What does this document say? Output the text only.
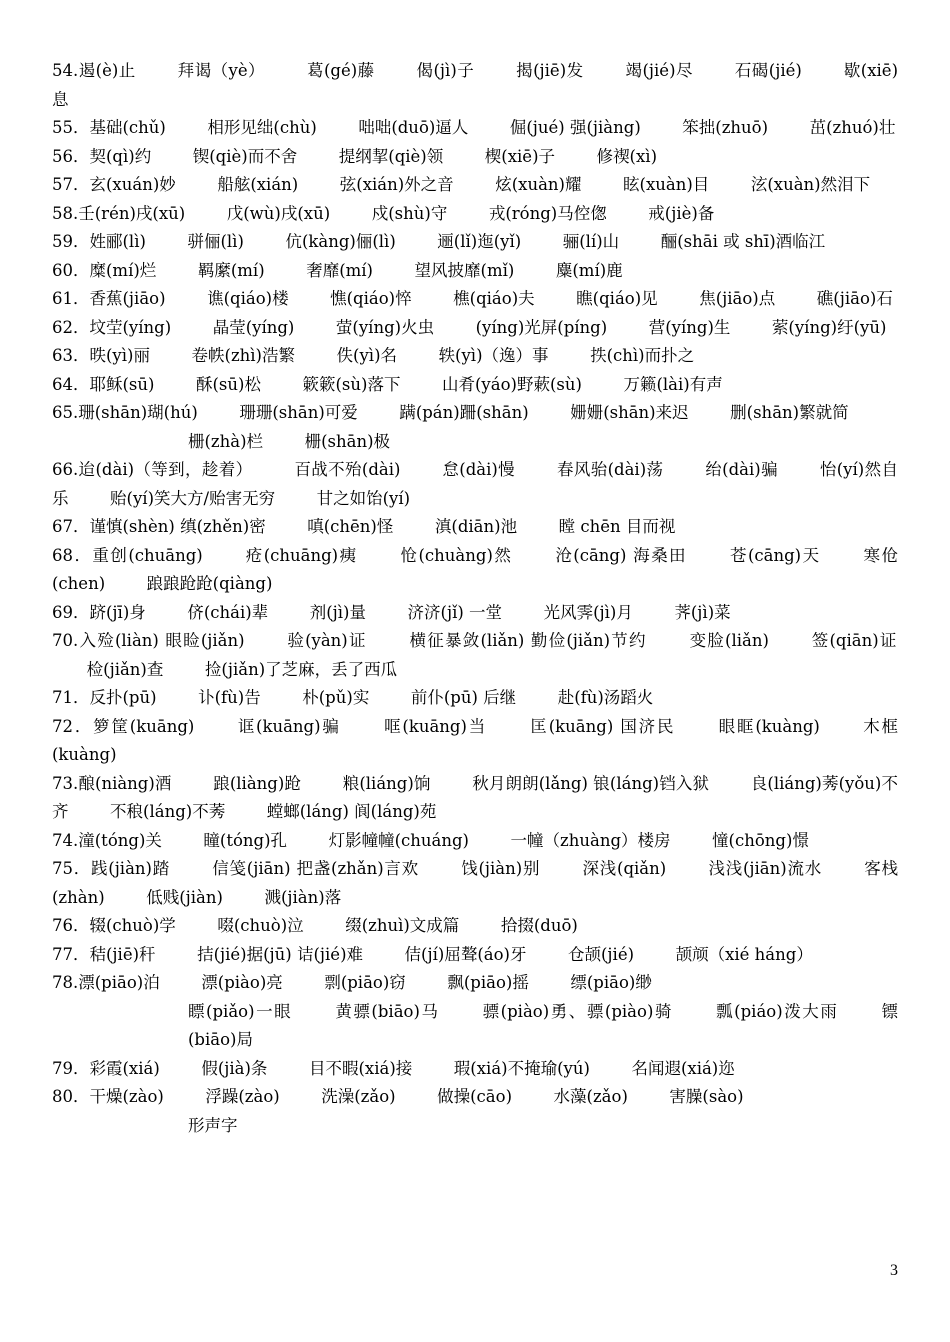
54.遏(è)止	拜谒（yè）	葛(gé)藤	偈(jì)子	揭(jiē)发	竭(jié)尽	石碣(jié)	歇(xiē)息
55．基础(chǔ)	相形见绌(chù)	咄咄(duō)逼人	倔(jué) 强(jiàng)	笨拙(zhuō)	茁(zhuó)壮
56．契(qì)约	锲(qiè)而不舍	提纲挈(qiè)领	楔(xiē)子	修禊(xì)
57．玄(xuán)妙	船舷(xián)	弦(xián)外之音	炫(xuàn)耀	眩(xuàn)目	泫(xuàn)然泪下
58.壬(rén)戌(xū)	戊(wù)戌(xū)	戍(shù)守	戎(róng)马倥偬	戒(jiè)备
59．姓郦(lì)	骈俪(lì)	伉(kàng)俪(lì)	逦(lǐ)迤(yǐ)	骊(lí)山	酾(shāi 或 shī)酒临江
60．糜(mí)烂	羁縻(mí)	奢靡(mí)	望风披靡(mǐ)	麋(mí)鹿
61．香蕉(jiāo)	谯(qiáo)楼	憔(qiáo)悴	樵(qiáo)夫	瞧(qiáo)见	焦(jiāo)点	礁(jiāo)石
62．坟茔(yíng)	晶莹(yíng)	萤(yíng)火虫	(yíng)光屏(píng)	营(yíng)生	萦(yíng)纡(yū)
63．昳(yì)丽	卷帙(zhì)浩繁	佚(yì)名	轶(yì)（逸）事	抶(chì)而扑之
64．耶稣(sū)	酥(sū)松	簌簌(sù)落下	山肴(yáo)野蔌(sù)	万籁(lài)有声
65.珊(shān)瑚(hú)	珊珊(shān)可爱	蹒(pán)跚(shān)	姗姗(shān)来迟	删(shān)繁就简
栅(zhà)栏	栅(shān)极
66.迨(dài)（等到，趁着）	百战不殆(dài)	怠(dài)慢	春风骀(dài)荡	绐(dài)骗	怡(yí)然自乐	贻(yí)笑大方/贻害无穷	甘之如饴(yí)
67．谨慎(shèn) 缜(zhěn)密	嗔(chēn)怪	滇(diān)池	瞠 chēn 目而视
68．重创(chuāng)	疮(chuāng)痍	怆(chuàng)然	沧(cāng) 海桑田	苍(cāng)天	寒伧(chen)	踉踉跄跄(qiàng)
69．跻(jī)身	侪(chái)辈	剂(jì)量	济济(jǐ) 一堂	光风霁(jì)月	荠(jì)菜
70.入殓(liàn) 眼睑(jiǎn)	验(yàn)证	横征暴敛(liǎn) 勤俭(jiǎn)节约	变脸(liǎn)	签(qiān)证 检(jiǎn)查	捡(jiǎn)了芝麻，丢了西瓜
71．反扑(pū)	讣(fù)告	朴(pǔ)实	前仆(pū) 后继	赴(fù)汤蹈火
72．箩筐(kuāng)	诓(kuāng)骗	哐(kuāng)当	匡(kuāng) 国济民	眼眶(kuàng)	木框(kuàng)
73.酿(niàng)酒	踉(liàng)跄	粮(liáng)饷	秋月朗朗(lǎng) 锒(láng)铛入狱	良(liáng)莠(yǒu)不齐	不稂(láng)不莠	螳螂(láng) 阆(láng)苑
74.潼(tóng)关	瞳(tóng)孔	灯影幢幢(chuáng)	一幢（zhuàng）楼房	憧(chōng)憬
75．践(jiàn)踏	信笺(jiān) 把盏(zhǎn)言欢	饯(jiàn)别	深浅(qiǎn)	浅浅(jiān)流水	客栈(zhàn)	低贱(jiàn)	溅(jiàn)落
76．辍(chuò)学	啜(chuò)泣	缀(zhuì)文成篇	拾掇(duō)
77．秸(jiē)秆	拮(jié)据(jū) 诘(jié)难	佶(jí)屈聱(áo)牙	仓颉(jié)	颉颃（xié háng）
78.漂(piāo)泊	漂(piào)亮	剽(piāo)窃	飘(piāo)摇	缥(piāo)缈
瞟(piǎo)一眼	黄骠(biāo)马	骠(piào)勇、骠(piào)骑	瓢(piáo)泼大雨	镖(biāo)局
79．彩霞(xiá)	假(jià)条	目不暇(xiá)接	瑕(xiá)不掩瑜(yú)	名闻遐(xiá)迩
80．干燥(zào)	浮躁(zào)	洗澡(zǎo)	做操(cāo)	水藻(zǎo)	害臊(sào)
形声字
3
